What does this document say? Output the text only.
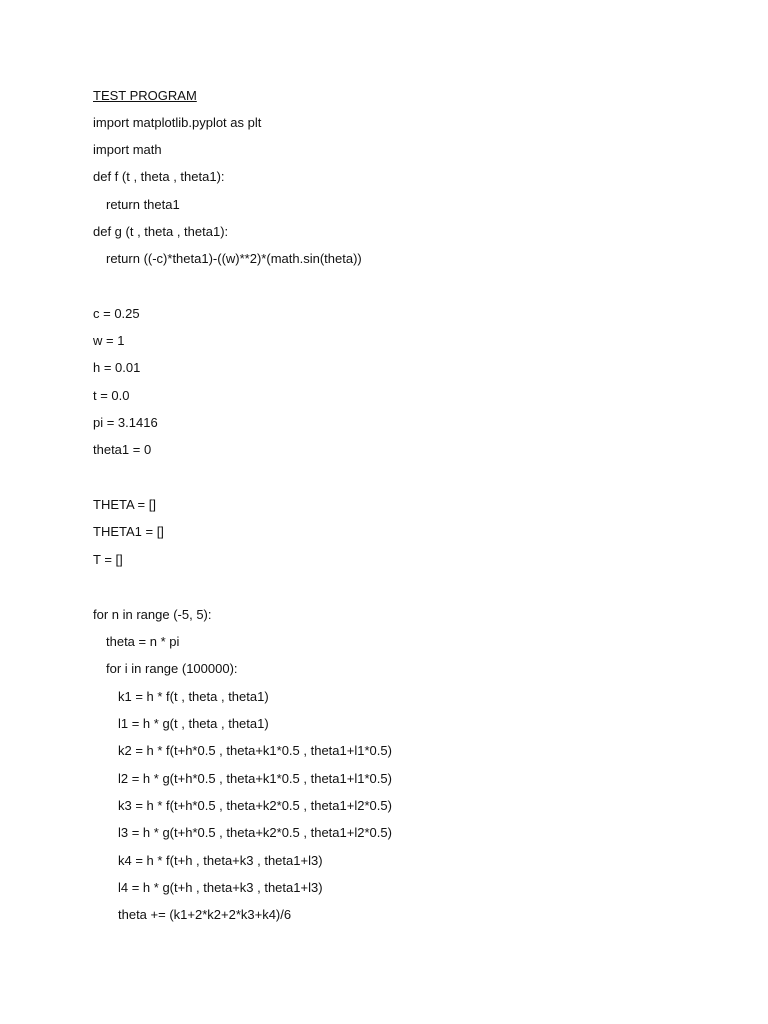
TEST PROGRAM
import matplotlib.pyplot as plt
import math
def f (t , theta , theta1):
return theta1
def g (t , theta , theta1):
return ((-c)*theta1)-((w)**2)*(math.sin(theta))
c = 0.25
w = 1
h = 0.01
t = 0.0
pi = 3.1416
theta1 = 0
THETA = []
THETA1 = []
T = []
for n in range (-5, 5):
theta = n * pi
for i in range (100000):
k1 = h * f(t , theta , theta1)
l1 = h * g(t , theta , theta1)
k2 = h * f(t+h*0.5 , theta+k1*0.5 , theta1+l1*0.5)
l2 = h * g(t+h*0.5 , theta+k1*0.5 , theta1+l1*0.5)
k3 = h * f(t+h*0.5 , theta+k2*0.5 , theta1+l2*0.5)
l3 = h * g(t+h*0.5 , theta+k2*0.5 , theta1+l2*0.5)
k4 = h * f(t+h , theta+k3 , theta1+l3)
l4 = h * g(t+h , theta+k3 , theta1+l3)
theta += (k1+2*k2+2*k3+k4)/6
